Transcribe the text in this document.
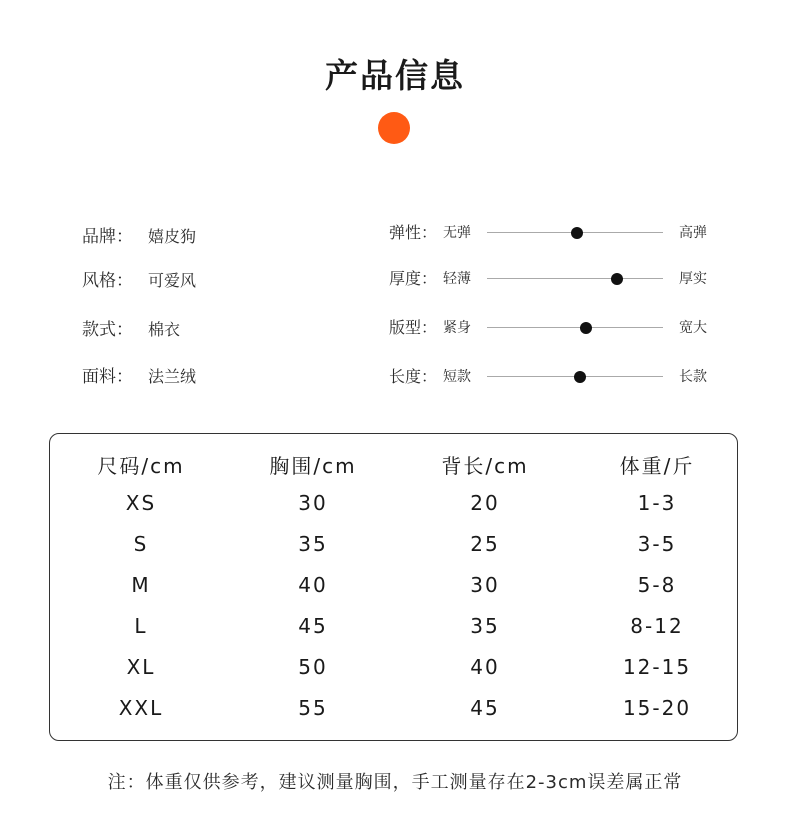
产品信息
品牌： 嬉皮狗
风格： 可爱风
款式： 棉衣
面料： 法兰绒
弹性： 无弹	高弹
厚度： 轻薄	厚实
版型： 紧身	宽大
长度： 短款	长款
尺码/cm	胸围/cm	背长/cm	体重/斤
XS	30	20	1-3
S	35	25	3-5
M	40	30	5-8
L	45	35	8-12
XL	50	40	12-15
XXL	55	45	15-20
注：体重仅供参考，建议测量胸围，手工测量存在2-3cm误差属正常
